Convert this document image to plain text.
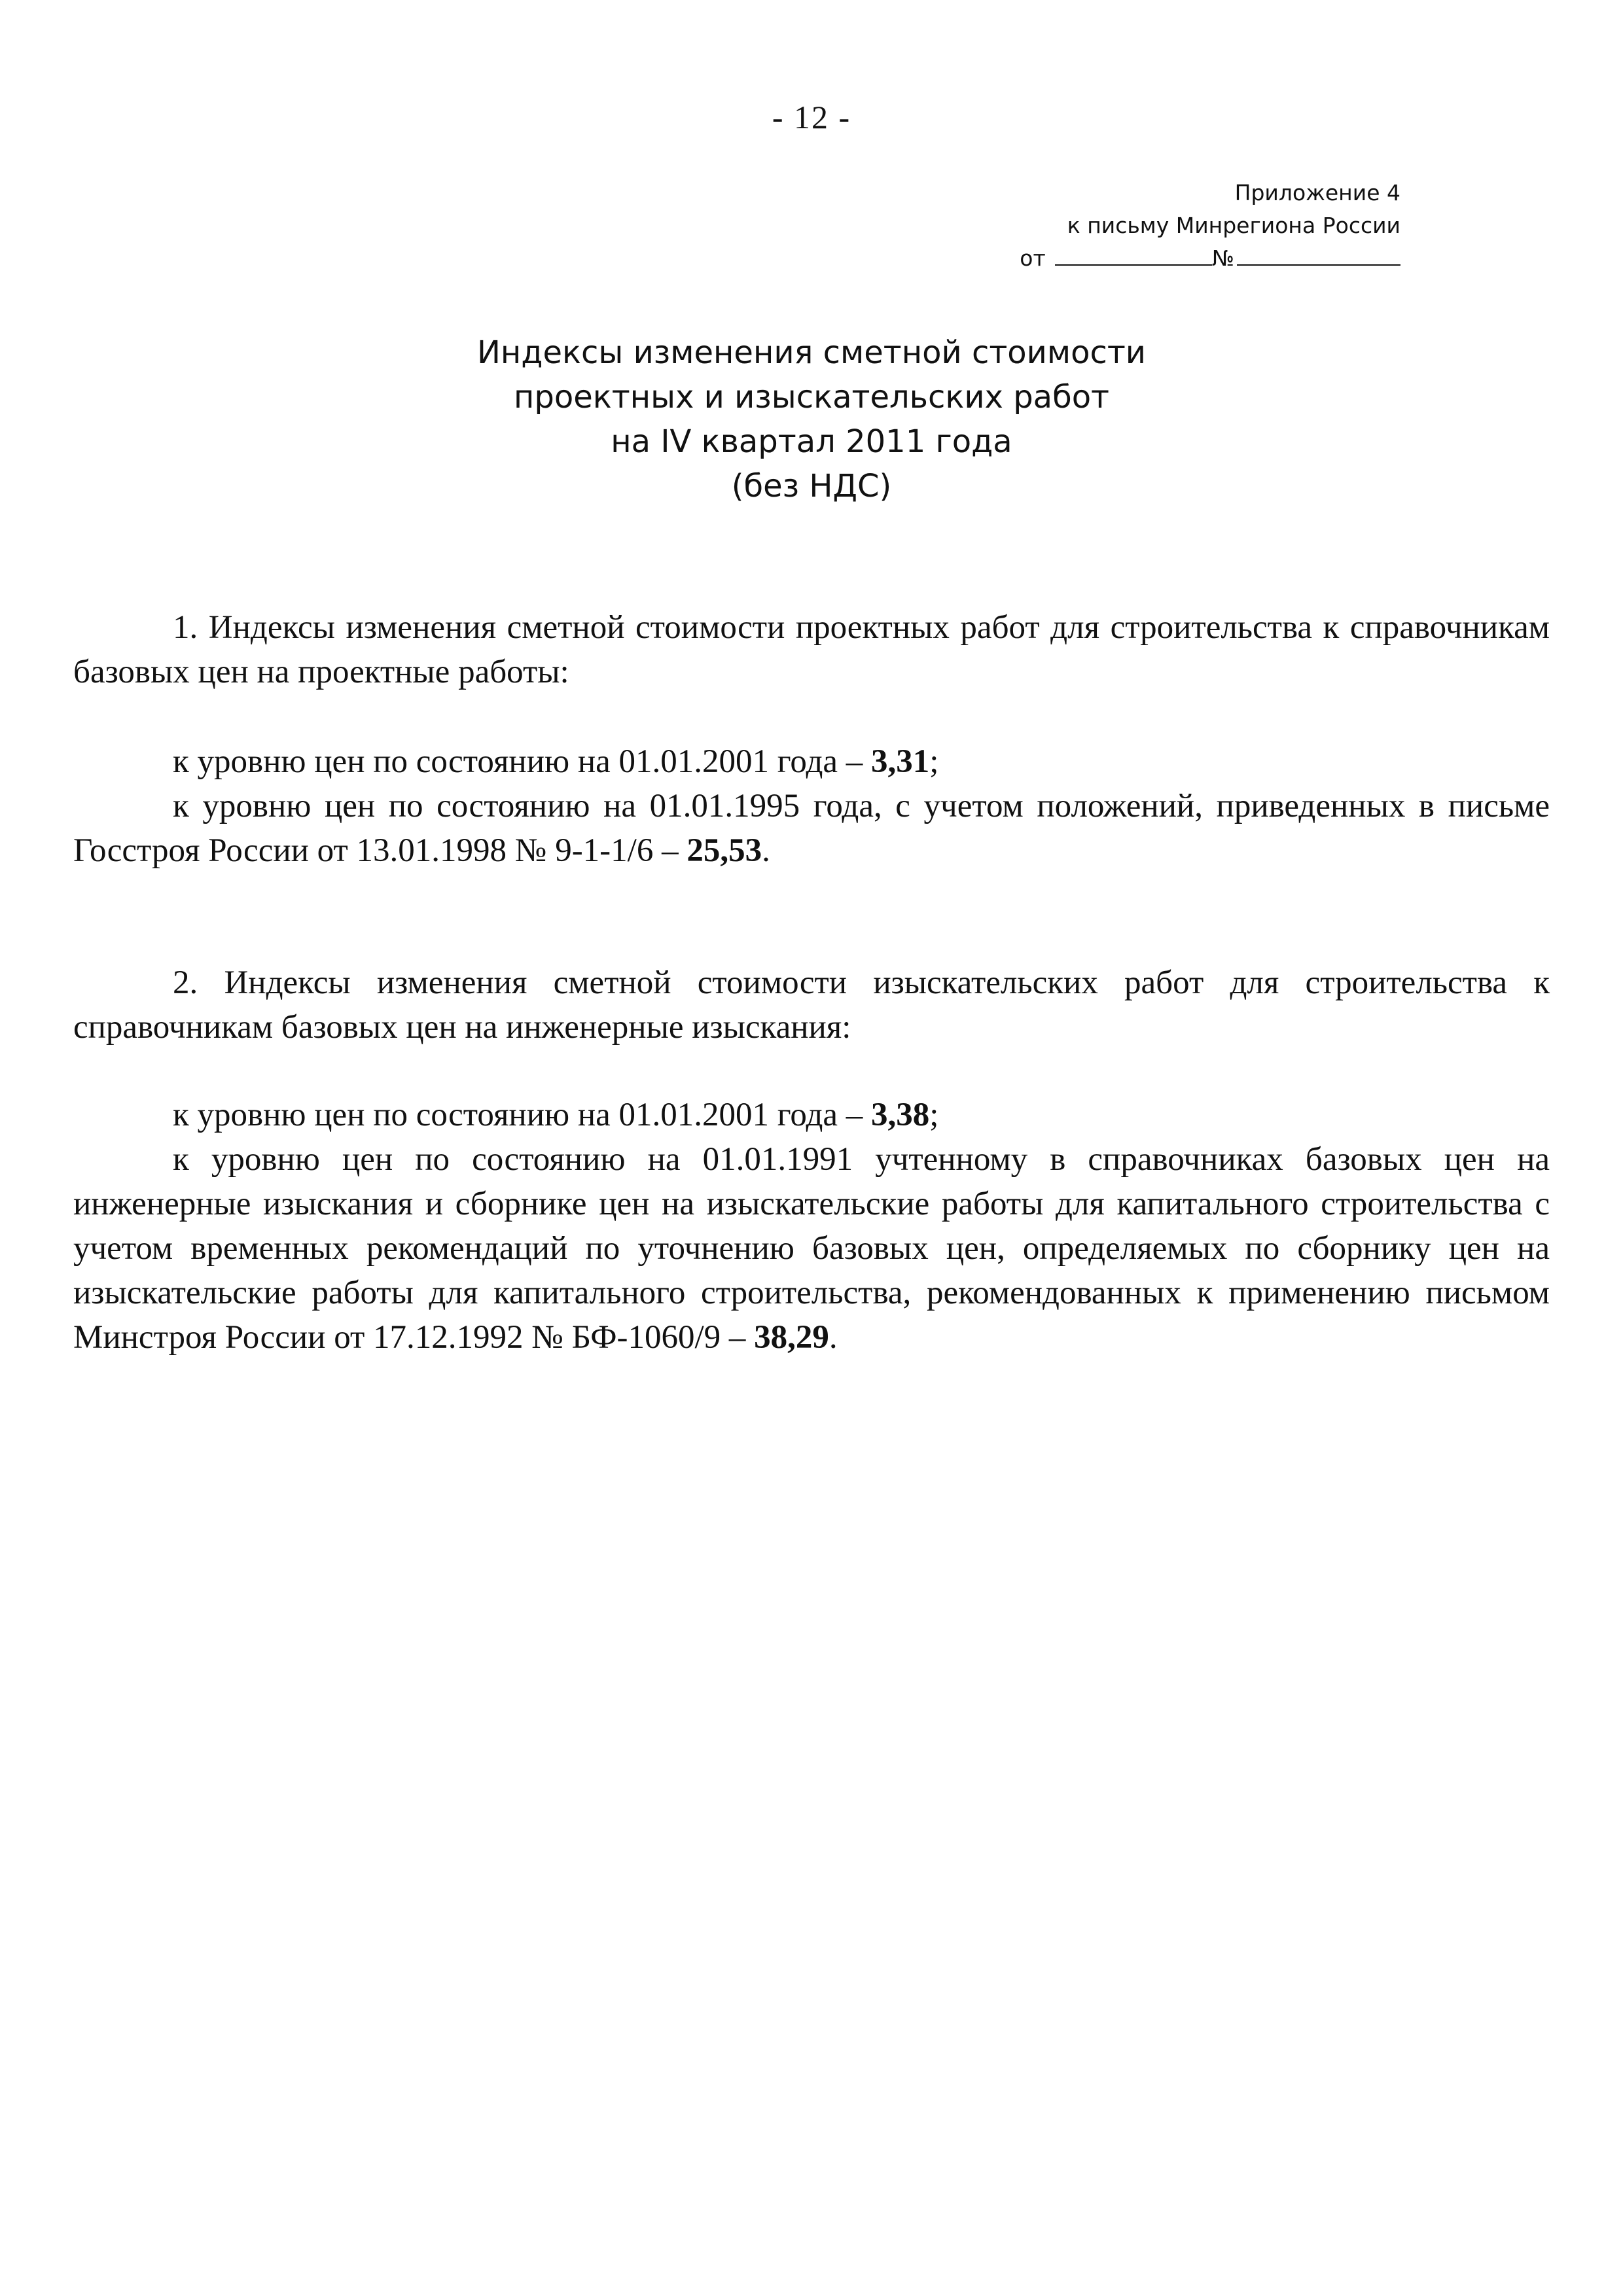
- 12 -
Приложение 4
к письму Минрегиона России
от	№
Индексы изменения сметной стоимости
проектных и изыскательских работ
на IV квартал 2011 года
(без НДС)
1. Индексы изменения сметной стоимости проектных работ для строительства к справочникам базовых цен на проектные работы:
к уровню цен по состоянию на 01.01.2001 года – 3,31;
к уровню цен по состоянию на 01.01.1995 года, с учетом положений, приведенных в письме Госстроя России от 13.01.1998 № 9-1-1/6 – 25,53.
2. Индексы изменения сметной стоимости изыскательских работ для строительства к справочникам базовых цен на инженерные изыскания:
к уровню цен по состоянию на 01.01.2001 года – 3,38;
к уровню цен по состоянию на 01.01.1991 учтенному в справочниках базовых цен на инженерные изыскания и сборнике цен на изыскательские работы для капитального строительства с учетом временных рекомендаций по уточнению базовых цен, определяемых по сборнику цен на изыскательские работы для капитального строительства, рекомендованных к применению письмом Минстроя России от 17.12.1992 № БФ-1060/9 – 38,29.
